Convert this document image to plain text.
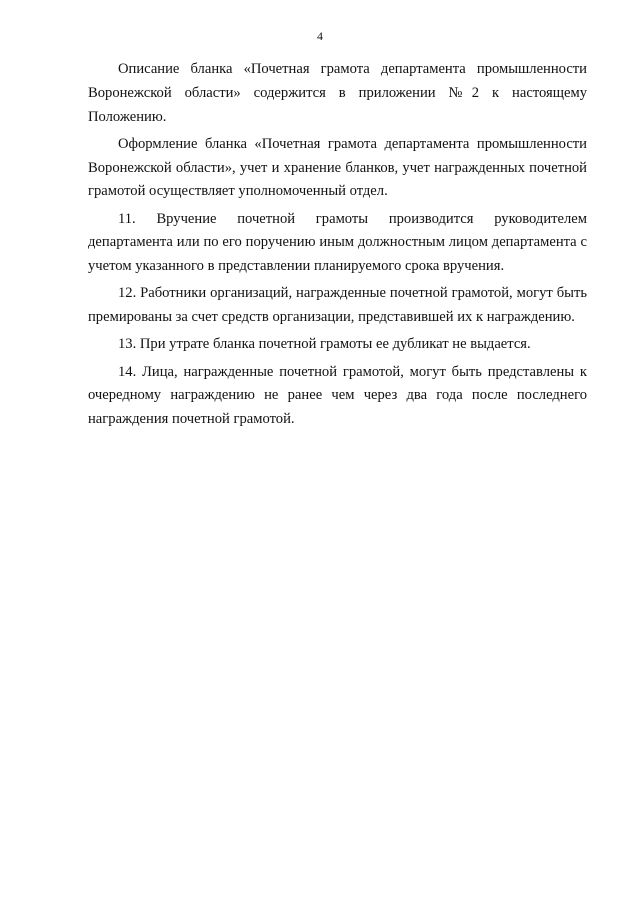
4

Описание бланка «Почетная грамота департамента промышленности Воронежской области» содержится в приложении №2 к настоящему Положению.

Оформление бланка «Почетная грамота департамента промышленности Воронежской области», учет и хранение бланков, учет награжденных почетной грамотой осуществляет уполномоченный отдел.

11. Вручение почетной грамоты производится руководителем департамента или по его поручению иным должностным лицом департамента с учетом указанного в представлении планируемого срока вручения.

12. Работники организаций, награжденные почетной грамотой, могут быть премированы за счет средств организации, представившей их к награждению.

13. При утрате бланка почетной грамоты ее дубликат не выдается.

14. Лица, награжденные почетной грамотой, могут быть представлены к очередному награждению не ранее чем через два года после последнего награждения почетной грамотой.
